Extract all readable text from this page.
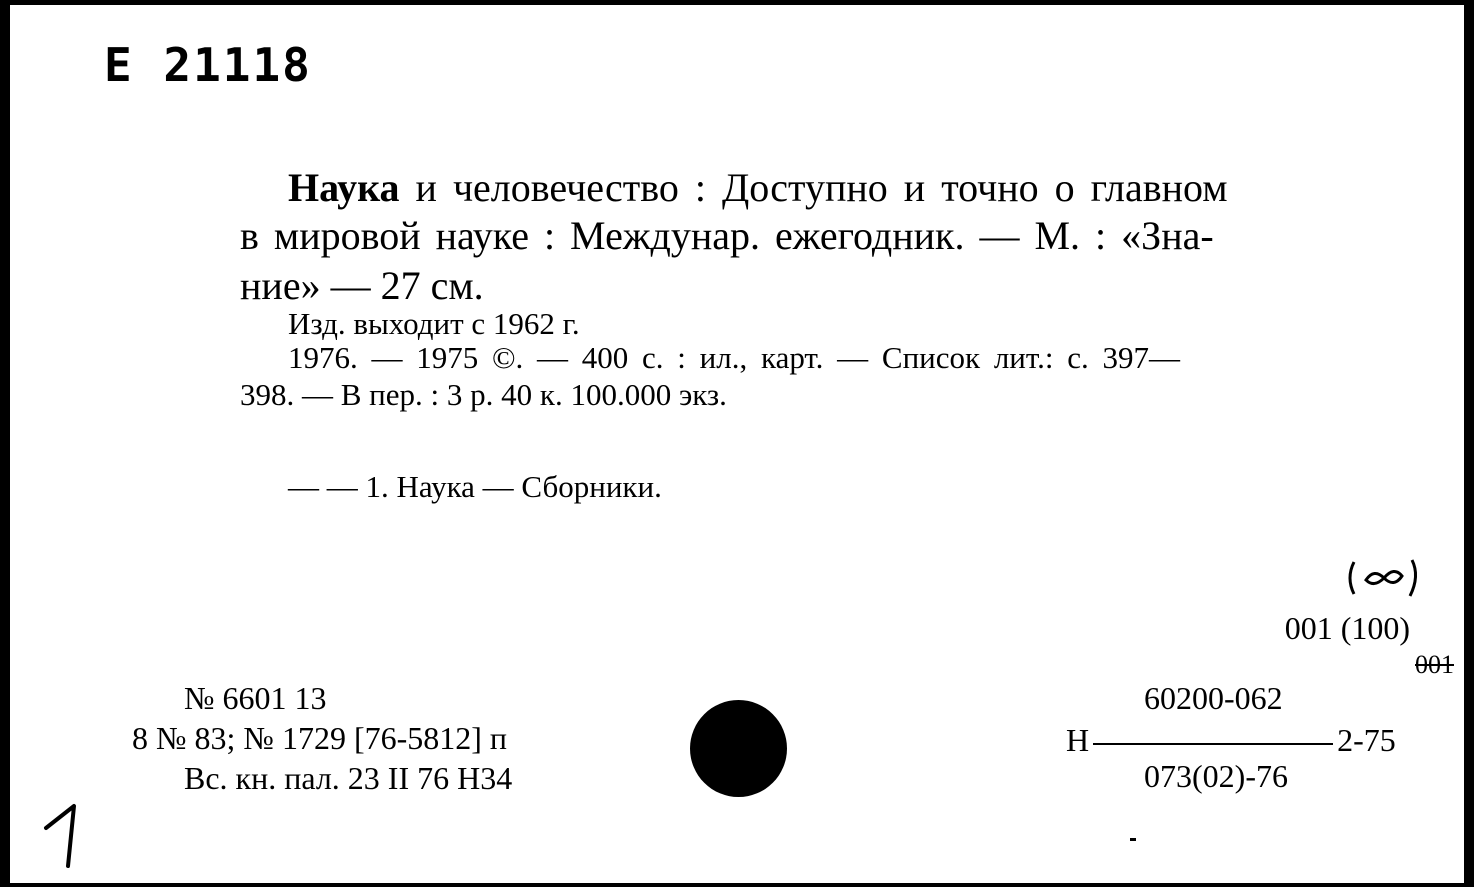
Е 21118
Наука и человечество : Доступно и точно о главном
в мировой науке : Междунар. ежегодник. — М. : «Зна-
ние» — 27 см.
Изд. выходит с 1962 г.
1976. — 1975 ©. — 400 с. : ил., карт. — Список лит.: с. 397—
398. — В пер. : 3 р. 40 к. 100.000 экз.
— — 1. Наука — Сборники.
001 (100)
001
№ 6601 13
8 № 83; № 1729 [76-5812] п
Вс. кн. пал. 23 II 76 Н34
60200-062
Н	2-75
073(02)-76
